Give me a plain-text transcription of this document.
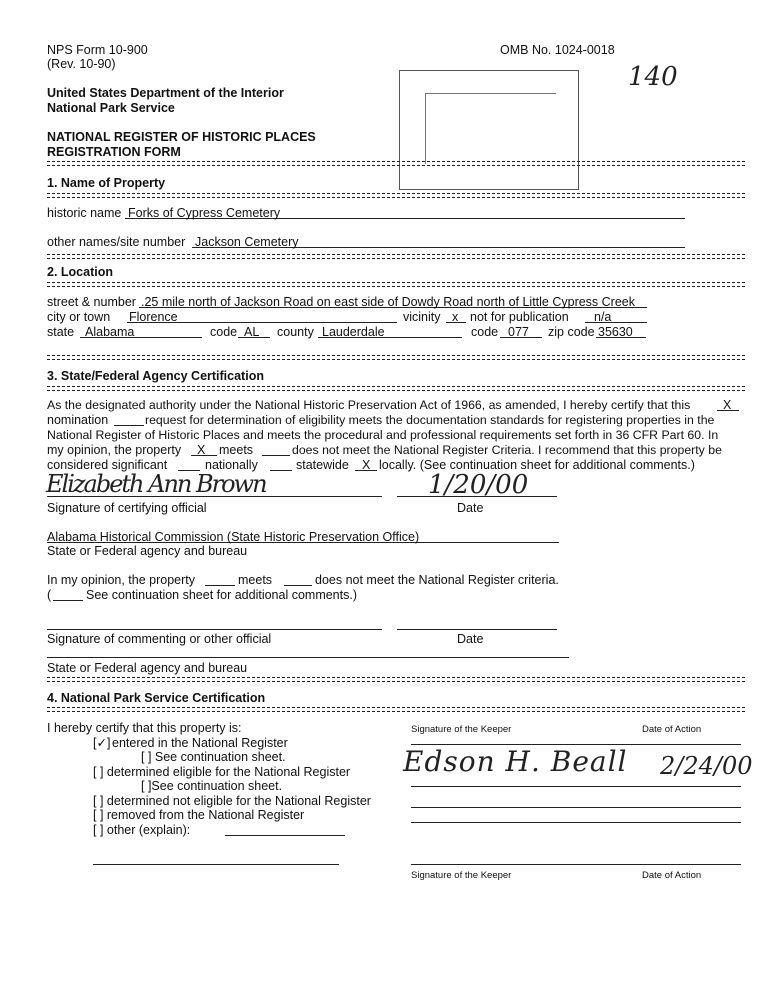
NPS Form 10-900
(Rev. 10-90)
OMB No. 1024-0018
United States Department of the Interior
National Park Service
NATIONAL REGISTER OF HISTORIC PLACES
REGISTRATION FORM
140
1. Name of Property
historic name Forks of Cypress Cemetery
other names/site number Jackson Cemetery
2. Location
street & number .25 mile north of Jackson Road on east side of Dowdy Road north of Little Cypress Creek
city or town Florence	vicinity x not for publication n/a
state Alabama	code AL county Lauderdale	code 077 zip code 35630
3. State/Federal Agency Certification
As the designated authority under the National Historic Preservation Act of 1966, as amended, I hereby certify that this	X
nomination	request for determination of eligibility meets the documentation standards for registering properties in the
National Register of Historic Places and meets the procedural and professional requirements set forth in 36 CFR Part 60. In
my opinion, the property X meets	does not meet the National Register Criteria. I recommend that this property be
considered significant	nationally	statewide X locally. (See continuation sheet for additional comments.)
Elizabeth Ann Brown	1/20/00
Signature of certifying official	Date
Alabama Historical Commission (State Historic Preservation Office)
State or Federal agency and bureau
In my opinion, the property	meets	does not meet the National Register criteria.
(	See continuation sheet for additional comments.)
Signature of commenting or other official	Date
State or Federal agency and bureau
4. National Park Service Certification
I hereby certify that this property is:
[✓] entered in the National Register
[ ] See continuation sheet.
[ ] determined eligible for the National Register
[ ]See continuation sheet.
[ ] determined not eligible for the National Register
[ ] removed from the National Register
[ ] other (explain):
Signature of the Keeper	Date of Action
Edson H. Beall 2/24/00
Signature of the Keeper	Date of Action
